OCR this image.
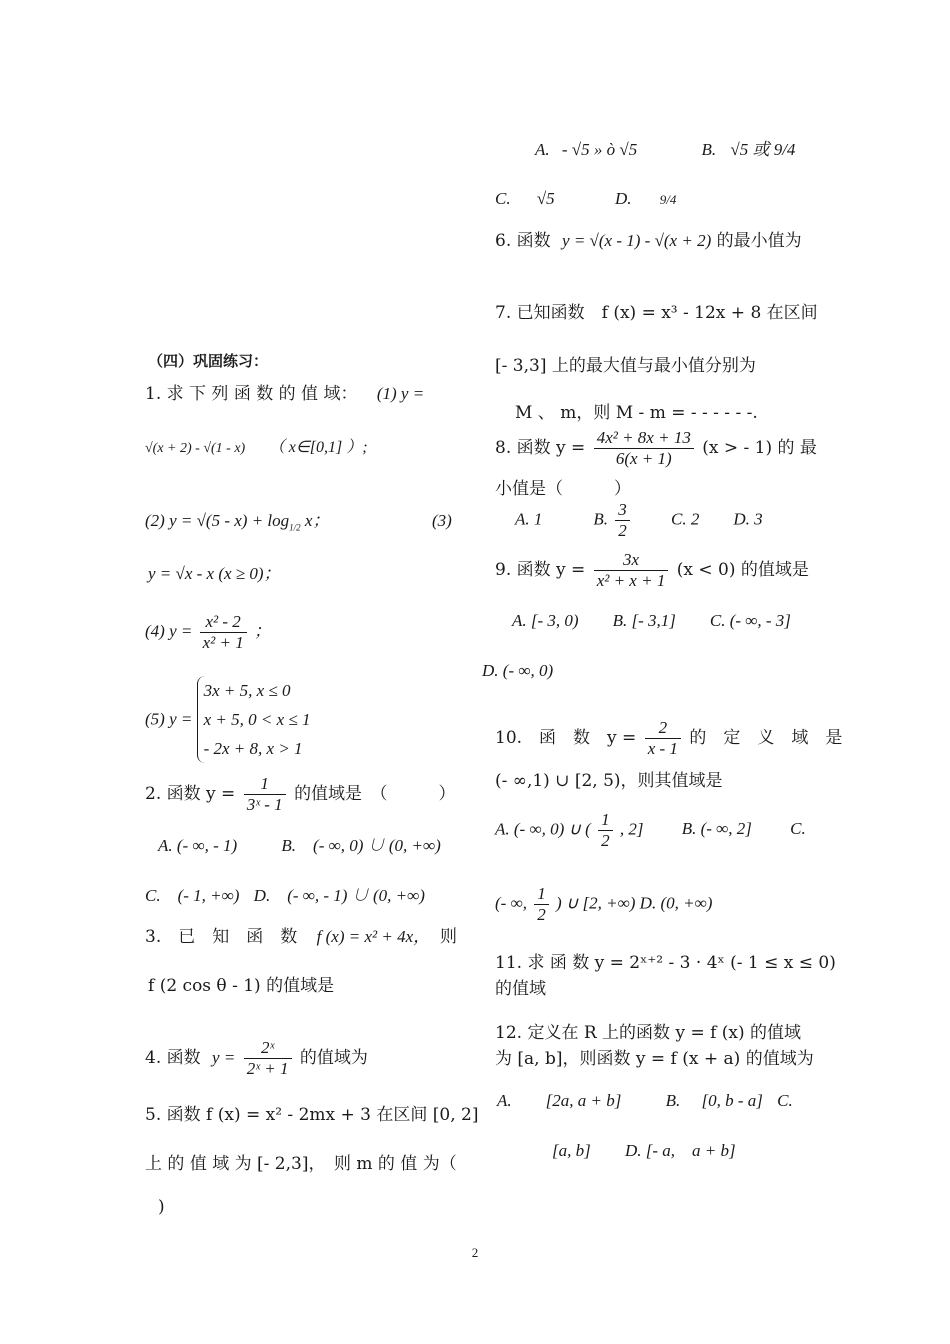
A. - √5 » ò √5	B. √5 或 9/4
C. √5	D. 9/4
6. 函数 y = √(x - 1) - √(x + 2) 的最小值为
7. 已知函数　f (x) = x³ - 12x + 8 在区间
[- 3,3] 上的最大值与最小值分别为
M 、 m，则 M - m = - - - - - -.
8. 函数 $y = \frac{\text{4x² + 8x + 13}}{6(x + 1)} (x$ > - 1) 的 最
小值是（　　　）
A. 1　　　B. $\frac{3}{2}$ 　　C. 2　　D. 3
9. 函数 $y = \frac{3x}{\text{x² + x + 1}} (x < 0)$ 的值域是
A. [- 3, 0)　　B. [- 3,1]　　C. (- ∞, - 3]
D. (- ∞, 0)
10.　函　数　$y = \frac{2}{x - 1}$ 的　定　义　域　是
(- ∞,1) ∪ [2, 5)，则其值域是
A. (- ∞, 0) ∪ ( $\frac{1}{2}$ , 2] B. (- ∞, 2] C.
(- ∞, $\frac{1}{2}$ ) ∪ [2, +∞) D. (0, +∞)
11. 求 函 数 y = 2ˣ⁺² - 3 · 4ˣ (- 1 ≤ x ≤ 0)
的值域
12. 定义在 R 上的函数 y = f (x) 的值域
为 [a, b]，则函数 y = f (x + a) 的值域为
A.　　[2a, a + b]	B.　 [0, b - a] C.
[a, b] D. [- a,　a + b]
（四）巩固练习：
1. 求 下 列 函 数 的 值 域： (1) y =
√(x + 2) - √(1 - x) （ x∈[0,1] ）;
(2) $y = √(5 - x) + \log_{1/2} x$；	(3)
y = √x - x (x ≥ 0)；
(4) $y = \frac{\text{x² - 2}}{\text{x² + 1}}$ ；
(5) y =
3x + 5, x ≤ 0
x + 5, 0 < x ≤ 1
- 2x + 8, x > 1
2. 函数 $y = \frac{1}{\text{3ˣ - 1}}$ 的值域是　（　　　）
A. (- ∞, - 1)	B.　(- ∞, 0) ∪ (0, +∞)
C.　(- 1, +∞) D.　(- ∞, - 1) ∪ (0, +∞)
3.　已　知　函　数 f (x) = x² + 4x， 则
f (2 cos θ - 1) 的值域是
4. 函数 $y = \frac{\text{2ˣ}}{\text{2ˣ + 1}}$ 的值域为
5. 函数 f (x) = x² - 2mx + 3 在区间 [0, 2]
上 的 值 域 为 [- 2,3]，　则 m 的 值 为（
)
2
